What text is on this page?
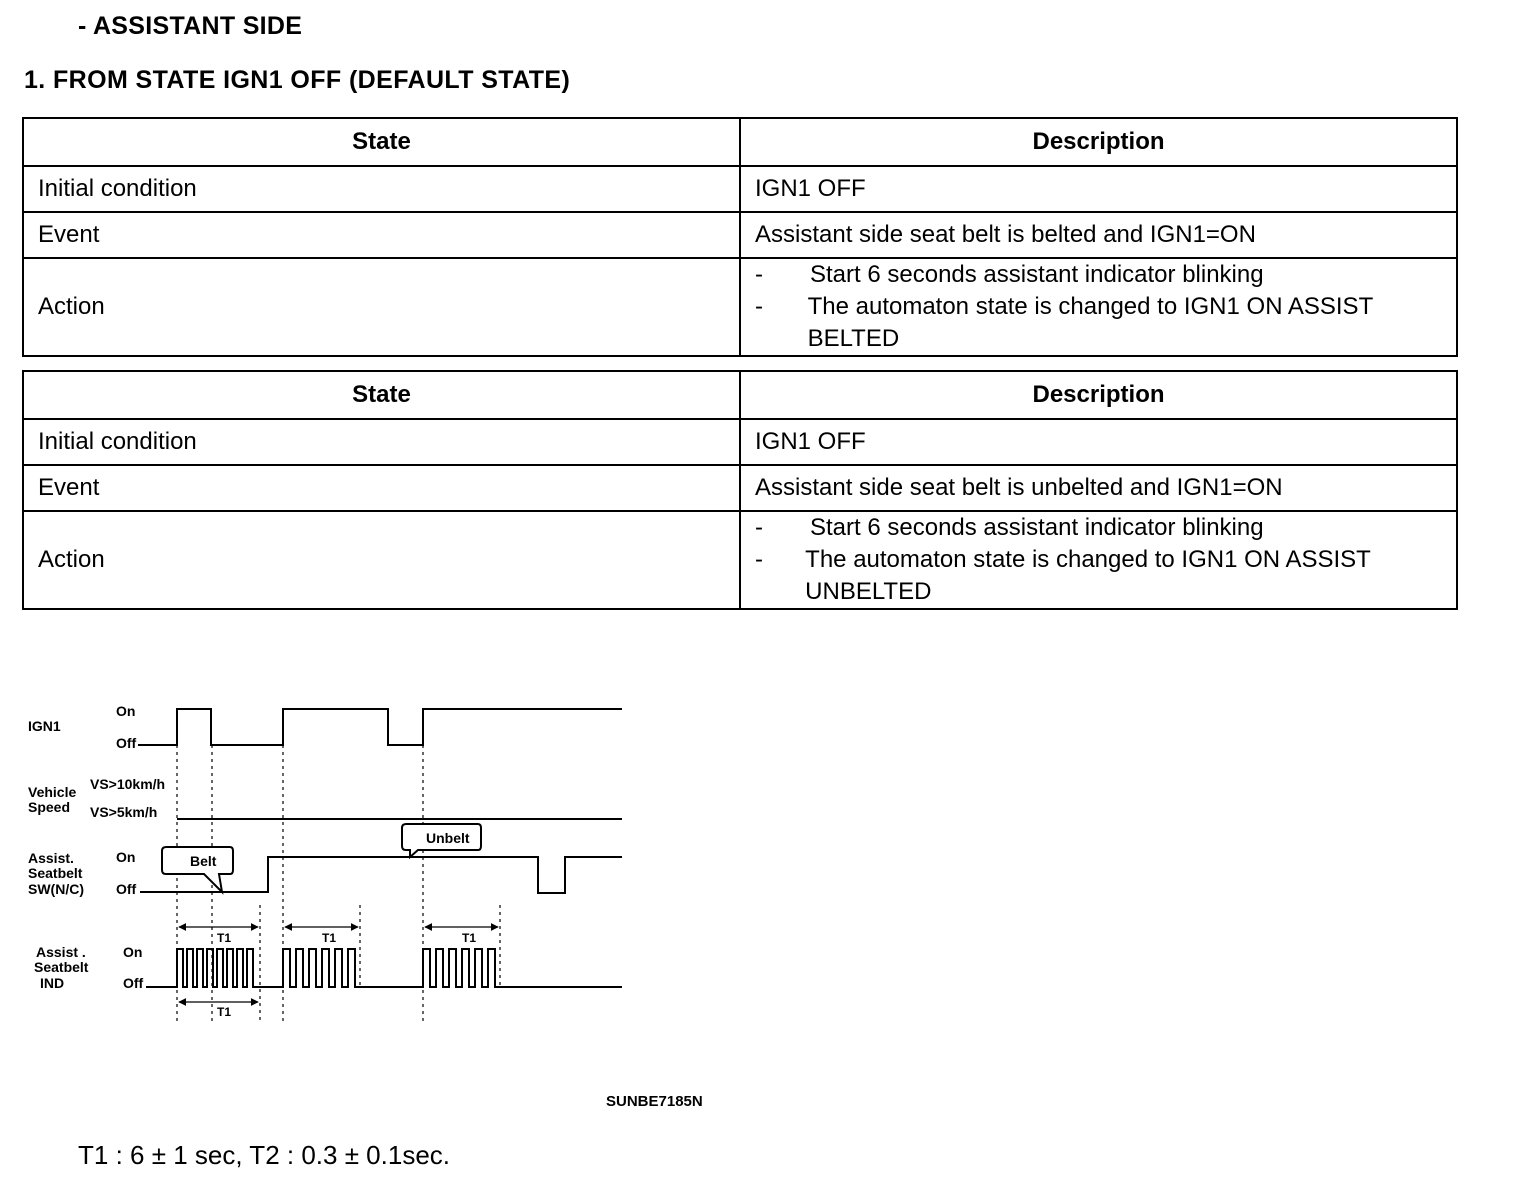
- ASSISTANT SIDE
1. FROM STATE IGN1 OFF (DEFAULT STATE)
State	Description
Initial condition	IGN1 OFF
Event	Assistant side seat belt is belted and IGN1=ON
Action	- Start 6 seconds assistant indicator blinking
- The automaton state is changed to IGN1 ON ASSIST BELTED
State	Description
Initial condition	IGN1 OFF
Event	Assistant side seat belt is unbelted and IGN1=ON
Action	- Start 6 seconds assistant indicator blinking
- The automaton state is changed to IGN1 ON ASSIST UNBELTED
IGN1
On
Off
Vehicle
Speed
VS>10km/h
VS>5km/h
Assist.
Seatbelt
SW(N/C)
On
Off
Assist .
Seatbelt
IND
On
Off
T1	T1	T1
T1
Belt
Unbelt
SUNBE7185N
T1 : 6 ± 1 sec, T2 : 0.3 ± 0.1sec.
